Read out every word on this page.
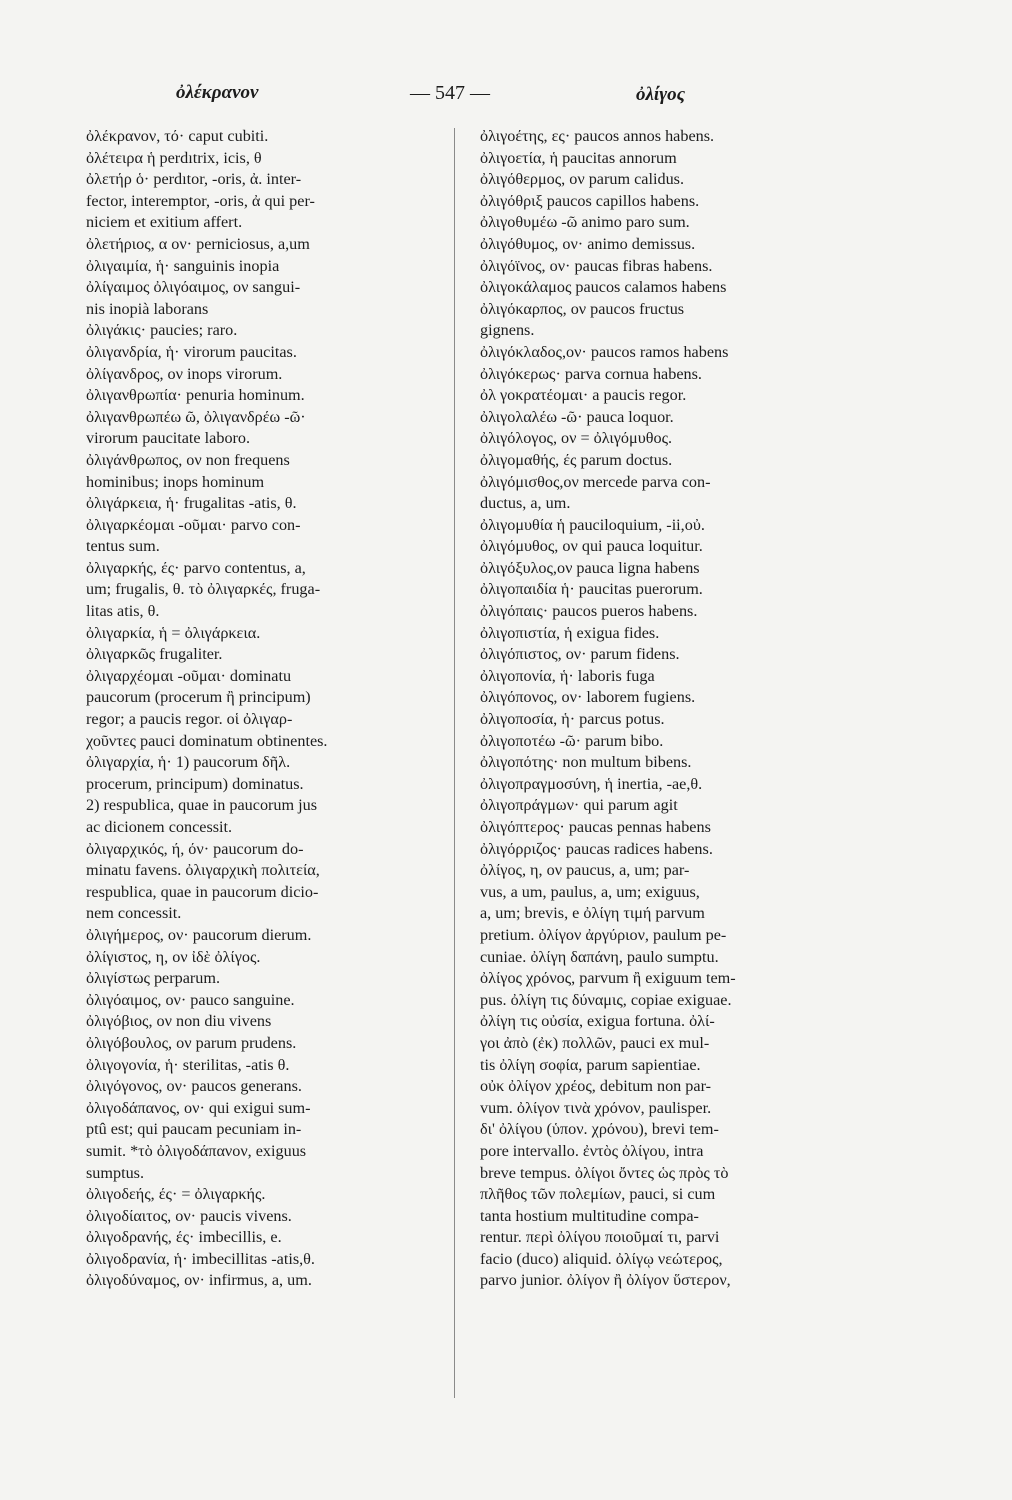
ὀλέκρανον	— 547 —	ὀλίγος
ὀλέκρανον, τό· caput cubiti.
ὀλέτειρα ἡ perdıtrix, icis, θ
ὀλετήρ ὁ· perdıtor, -oris, ἀ. inter-
fector, interemptor, -oris, ἀ qui per-
niciem et exitium affert.
ὀλετήριος, α ον· perniciosus, a,um
ὀλιγαιμία, ἡ· sanguinis inopia
ὀλίγαιμος ὀλιγόαιμος, ον sangui-
nis inopià laborans
ὀλιγάκις· paucies; raro.
ὀλιγανδρία, ἡ· virorum paucitas.
ὀλίγανδρος, ον inops virorum.
ὀλιγανθρωπία· penuria hominum.
ὀλιγανθρωπέω ῶ, ὀλιγανδρέω -ῶ·
virorum paucitate laboro.
ὀλιγάνθρωπος, ον non frequens
hominibus; inops hominum
ὀλιγάρκεια, ἡ· frugalitas -atis, θ.
ὀλιγαρκέομαι -οῦμαι· parvo con-
tentus sum.
ὀλιγαρκής, ές· parvo contentus, a,
um; frugalis, θ. τὸ ὀλιγαρκές, fruga-
litas atis, θ.
ὀλιγαρκία, ἡ = ὀλιγάρκεια.
ὀλιγαρκῶς frugaliter.
ὀλιγαρχέομαι -οῦμαι· dominatu
paucorum (procerum ἢ principum)
regor; a paucis regor. οἱ ὀλιγαρ-
χοῦντες pauci dominatum obtinentes.
ὀλιγαρχία, ἡ· 1) paucorum δῆλ.
procerum, principum) dominatus.
2) respublica, quae in paucorum jus
ac dicionem concessit.
ὀλιγαρχικός, ή, όν· paucorum do-
minatu favens. ὀλιγαρχικὴ πολιτεία,
respublica, quae in paucorum dicio-
nem concessit.
ὀλιγήμερος, ον· paucorum dierum.
ὀλίγιστος, η, ον ἰδὲ ὀλίγος.
ὀλιγίστως perparum.
ὀλιγόαιμος, ον· pauco sanguine.
ὀλιγόβιος, ον non diu vivens
ὀλιγόβουλος, ον parum prudens.
ὀλιγογονία, ἡ· sterilitas, -atis θ.
ὀλιγόγονος, ον· paucos generans.
ὀλιγοδάπανος, ον· qui exigui sum-
ptû est; qui paucam pecuniam in-
sumit. *τὸ ὀλιγοδάπανον, exiguus
sumptus.
ὀλιγοδεής, ές· = ὀλιγαρκής.
ὀλιγοδίαιτος, ον· paucis vivens.
ὀλιγοδρανής, ές· imbecillis, e.
ὀλιγοδρανία, ἡ· imbecillitas -atis,θ.
ὀλιγοδύναμος, ον· infirmus, a, um.
ὀλιγοέτης, ες· paucos annos habens.
ὀλιγοετία, ἡ paucitas annorum
ὀλιγόθερμος, ον parum calidus.
ὀλιγόθριξ paucos capillos habens.
ὀλιγοθυμέω -ῶ animo paro sum.
ὀλιγόθυμος, ον· animo demissus.
ὀλιγόϊνος, ον· paucas fibras habens.
ὀλιγοκάλαμος paucos calamos habens
ὀλιγόκαρπος, ον paucos fructus
gignens.
ὀλιγόκλαδος,ον· paucos ramos habens
ὀλιγόκερως· parva cornua habens.
ὀλ γοκρατέομαι· a paucis regor.
ὀλιγολαλέω -ῶ· pauca loquor.
ὀλιγόλογος, ον = ὀλιγόμυθος.
ὀλιγομαθής, ές parum doctus.
ὀλιγόμισθος,ον mercede parva con-
ductus, a, um.
ὀλιγομυθία ἡ pauciloquium, -ii,οὐ.
ὀλιγόμυθος, ον qui pauca loquitur.
ὀλιγόξυλος,ον pauca ligna habens
ὀλιγοπαιδία ἡ· paucitas puerorum.
ὀλιγόπαις· paucos pueros habens.
ὀλιγοπιστία, ἡ exigua fides.
ὀλιγόπιστος, ον· parum fidens.
ὀλιγοπονία, ἡ· laboris fuga
ὀλιγόπονος, ον· laborem fugiens.
ὀλιγοποσία, ἡ· parcus potus.
ὀλιγοποτέω -ῶ· parum bibo.
ὀλιγοπότης· non multum bibens.
ὀλιγοπραγμοσύνη, ἡ inertia, -ae,θ.
ὀλιγοπράγμων· qui parum agit
ὀλιγόπτερος· paucas pennas habens
ὀλιγόρριζος· paucas radices habens.
ὀλίγος, η, ον paucus, a, um; par-
vus, a um, paulus, a, um; exiguus,
a, um; brevis, e ὀλίγη τιμή parvum
pretium. ὀλίγον ἀργύριον, paulum pe-
cuniae. ὀλίγη δαπάνη, paulo sumptu.
ὀλίγος χρόνος, parvum ἢ exiguum tem-
pus. ὀλίγη τις δύναμις, copiae exiguae.
ὀλίγη τις οὐσία, exigua fortuna. ὀλί-
γοι ἀπὸ (ἐκ) πολλῶν, pauci ex mul-
tis ὀλίγη σοφία, parum sapientiae.
οὐκ ὀλίγον χρέος, debitum non par-
vum. ὀλίγον τινὰ χρόνον, paulisper.
δι' ὀλίγου (ὑπον. χρόνου), brevi tem-
pore intervallo. ἐντὸς ὀλίγου, intra
breve tempus. ὀλίγοι ὄντες ὡς πρὸς τὸ
πλῆθος τῶν πολεμίων, pauci, si cum
tanta hostium multitudine compa-
rentur. περὶ ὀλίγου ποιοῦμαί τι, parvi
facio (duco) aliquid. ὀλίγῳ νεώτερος,
parvo junior. ὀλίγον ἢ ὀλίγον ὕστερον,
